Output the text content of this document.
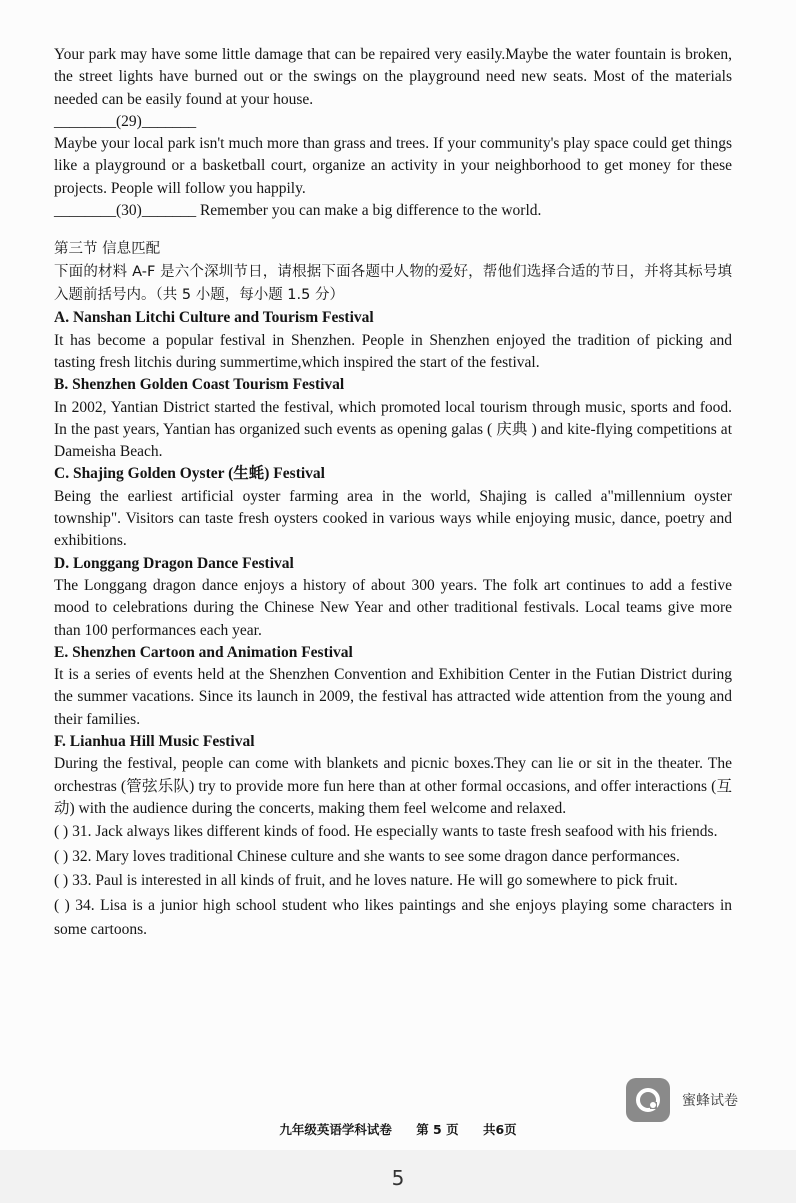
Your park may have some little damage that can be repaired very easily.Maybe the water fountain is broken, the street lights have burned out or the swings on the playground need new seats. Most of the materials needed can be easily found at your house.

________(29)_______

Maybe your local park isn't much more than grass and trees. If your community's play space could get things like a playground or a basketball court, organize an activity in your neighborhood to get money for these projects. People will follow you happily.

________(30)_______ Remember you can make a big difference to the world.

第三节 信息匹配

下面的材料 A-F 是六个深圳节日，请根据下面各题中人物的爱好，帮他们选择合适的节日，并将其标号填入题前括号内。（共 5 小题，每小题 1.5 分）

A. Nanshan Litchi Culture and Tourism Festival

It has become a popular festival in Shenzhen. People in Shenzhen enjoyed the tradition of picking and tasting fresh litchis during summertime,which inspired the start of the festival.

B. Shenzhen Golden Coast Tourism Festival

In 2002, Yantian District started the festival, which promoted local tourism through music, sports and food. In the past years, Yantian has organized such events as opening galas ( 庆典 ) and kite-flying competitions at Dameisha Beach.

C. Shajing Golden Oyster (生蚝) Festival

Being the earliest artificial oyster farming area in the world, Shajing is called a"millennium oyster township". Visitors can taste fresh oysters cooked in various ways while enjoying music, dance, poetry and exhibitions.

D. Longgang Dragon Dance Festival

The Longgang dragon dance enjoys a history of about 300 years. The folk art continues to add a festive mood to celebrations during the Chinese New Year and other traditional festivals. Local teams give more than 100 performances each year.

E. Shenzhen Cartoon and Animation Festival

It is a series of events held at the Shenzhen Convention and Exhibition Center in the Futian District during the summer vacations. Since its launch in 2009, the festival has attracted wide attention from the young and their families.

F. Lianhua Hill Music Festival

During the festival, people can come with blankets and picnic boxes.They can lie or sit in the theater. The orchestras (管弦乐队) try to provide more fun here than at other formal occasions, and offer interactions (互动) with the audience during the concerts, making them feel welcome and relaxed.

( ) 31. Jack always likes different kinds of food. He especially wants to taste fresh seafood with his friends.

( ) 32. Mary loves traditional Chinese culture and she wants to see some dragon dance performances.

( ) 33. Paul is interested in all kinds of fruit, and he loves nature. He will go somewhere to pick fruit.

( ) 34. Lisa is a junior high school student who likes paintings and she enjoys playing some characters in some cartoons.

蜜蜂试卷
九年级英语学科试卷 第 5 页 共6页
5
